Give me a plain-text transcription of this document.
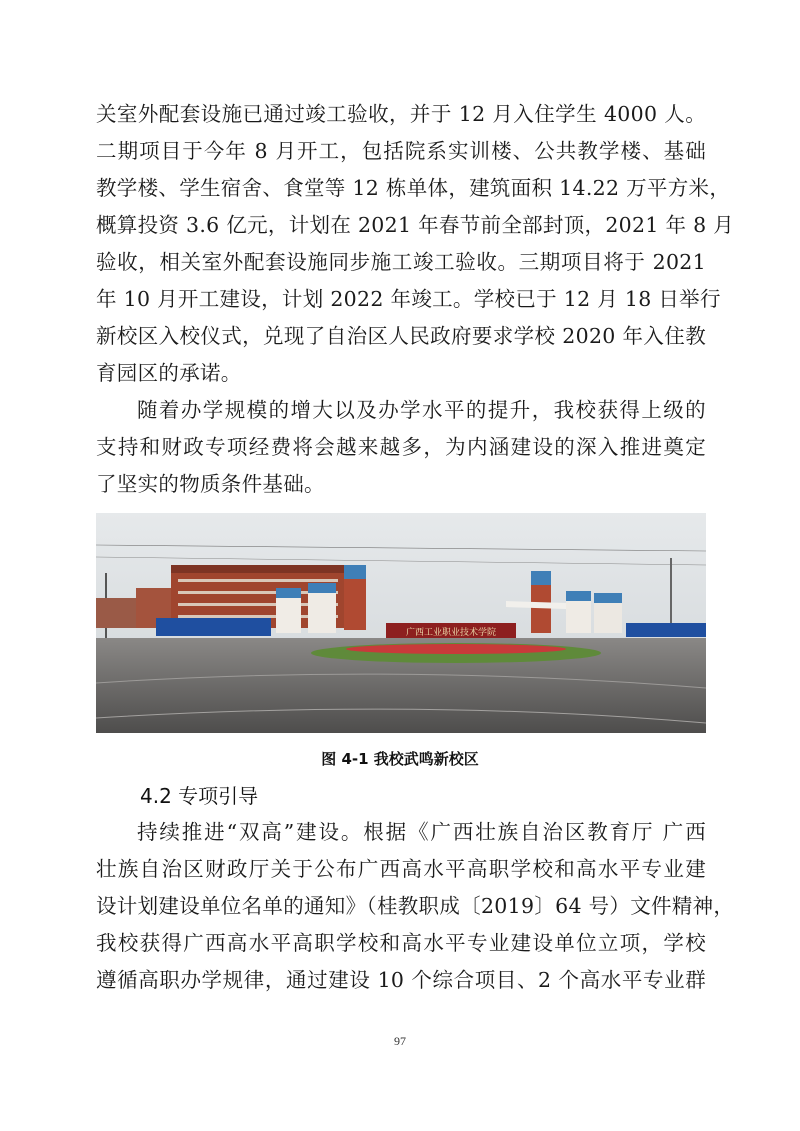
关室外配套设施已通过竣工验收，并于 12 月入住学生 4000 人。
二期项目于今年 8 月开工，包括院系实训楼、公共教学楼、基础
教学楼、学生宿舍、食堂等 12 栋单体，建筑面积 14.22 万平方米，
概算投资 3.6 亿元，计划在 2021 年春节前全部封顶，2021 年 8 月
验收，相关室外配套设施同步施工竣工验收。三期项目将于 2021
年 10 月开工建设，计划 2022 年竣工。学校已于 12 月 18 日举行
新校区入校仪式，兑现了自治区人民政府要求学校 2020 年入住教
育园区的承诺。
随着办学规模的增大以及办学水平的提升，我校获得上级的
支持和财政专项经费将会越来越多，为内涵建设的深入推进奠定
了坚实的物质条件基础。
广西工业职业技术学院
图 4-1 我校武鸣新校区
4.2 专项引导
持续推进“双高”建设。根据《广西壮族自治区教育厅 广西
壮族自治区财政厅关于公布广西高水平高职学校和高水平专业建
设计划建设单位名单的通知》（桂教职成〔2019〕64 号）文件精神，
我校获得广西高水平高职学校和高水平专业建设单位立项，学校
遵循高职办学规律，通过建设 10 个综合项目、2 个高水平专业群
97
